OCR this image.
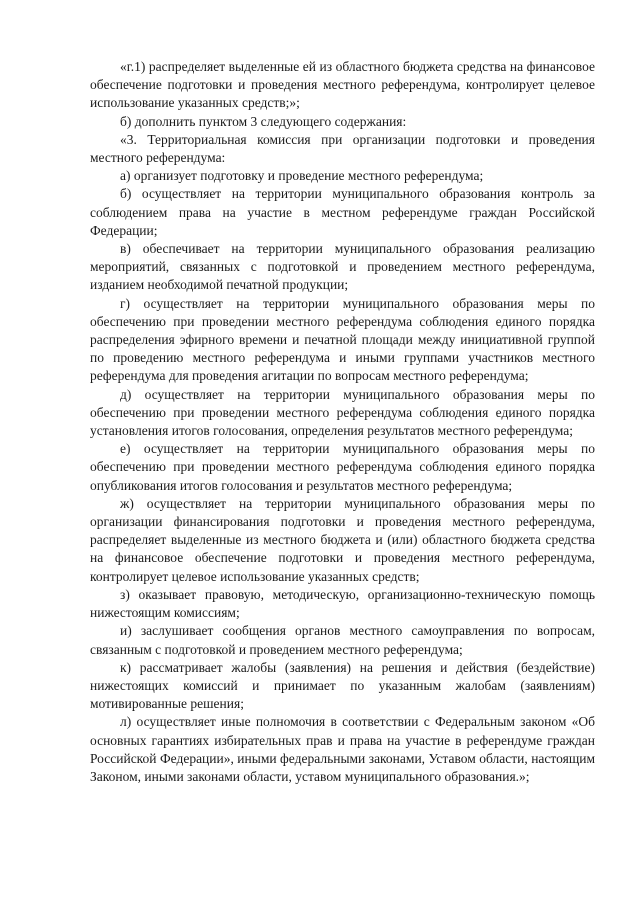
«г.1) распределяет выделенные ей из областного бюджета средства на финансовое обеспечение подготовки и проведения местного референдума, контролирует целевое использование указанных средств;»;

б) дополнить пунктом 3 следующего содержания:

«3. Территориальная комиссия при организации подготовки и проведения местного референдума:

а) организует подготовку и проведение местного референдума;

б) осуществляет на территории муниципального образования контроль за соблюдением права на участие в местном референдуме граждан Российской Федерации;

в) обеспечивает на территории муниципального образования реализацию мероприятий, связанных с подготовкой и проведением местного референдума, изданием необходимой печатной продукции;

г) осуществляет на территории муниципального образования меры по обеспечению при проведении местного референдума соблюдения единого порядка распределения эфирного времени и печатной площади между инициативной группой по проведению местного референдума и иными группами участников местного референдума для проведения агитации по вопросам местного референдума;

д) осуществляет на территории муниципального образования меры по обеспечению при проведении местного референдума соблюдения единого порядка установления итогов голосования, определения результатов местного референдума;

е) осуществляет на территории муниципального образования меры по обеспечению при проведении местного референдума соблюдения единого порядка опубликования итогов голосования и результатов местного референдума;

ж) осуществляет на территории муниципального образования меры по организации финансирования подготовки и проведения местного референдума, распределяет выделенные из местного бюджета и (или) областного бюджета средства на финансовое обеспечение подготовки и проведения местного референдума, контролирует целевое использование указанных средств;

з) оказывает правовую, методическую, организационно-техническую помощь нижестоящим комиссиям;

и) заслушивает сообщения органов местного самоуправления по вопросам, связанным с подготовкой и проведением местного референдума;

к) рассматривает жалобы (заявления) на решения и действия (бездействие) нижестоящих комиссий и принимает по указанным жалобам (заявлениям) мотивированные решения;

л) осуществляет иные полномочия в соответствии с Федеральным законом «Об основных гарантиях избирательных прав и права на участие в референдуме граждан Российской Федерации», иными федеральными законами, Уставом области, настоящим Законом, иными законами области, уставом муниципального образования.»;
